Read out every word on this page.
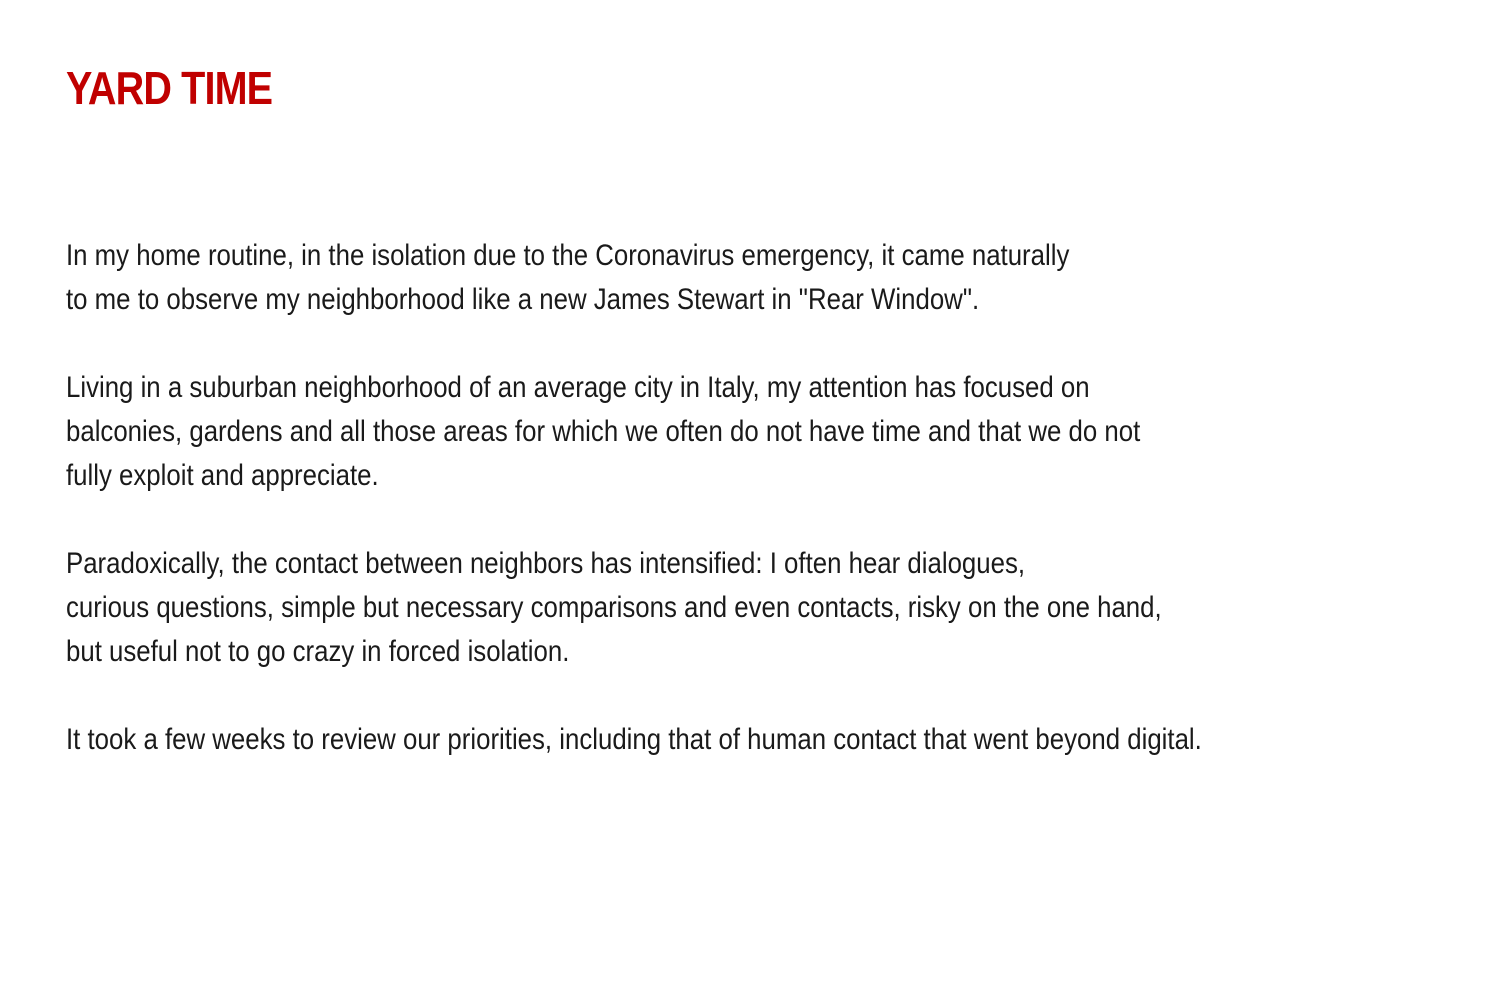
YARD TIME

In my home routine, in the isolation due to the Coronavirus emergency, it came naturally
to me to observe my neighborhood like a new James Stewart in "Rear Window".

Living in a suburban neighborhood of an average city in Italy, my attention has focused on
balconies, gardens and all those areas for which we often do not have time and that we do not
fully exploit and appreciate.

Paradoxically, the contact between neighbors has intensified: I often hear dialogues,
curious questions, simple but necessary comparisons and even contacts, risky on the one hand,
but useful not to go crazy in forced isolation.

It took a few weeks to review our priorities, including that of human contact that went beyond digital.
